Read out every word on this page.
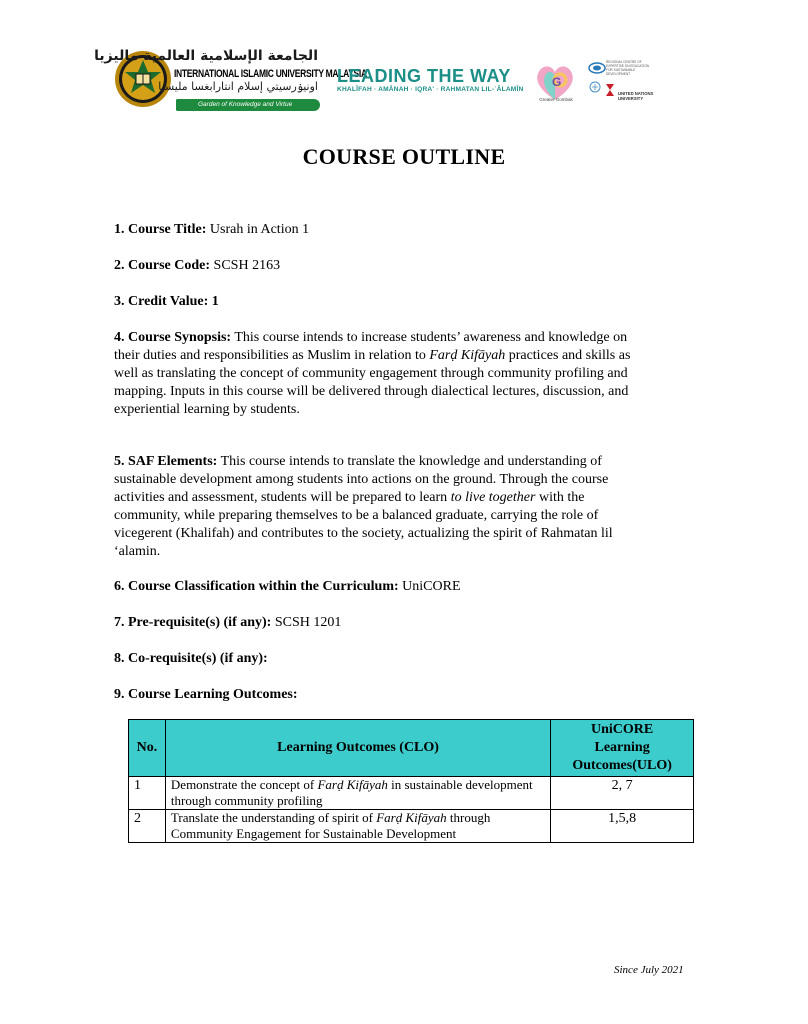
الجامعة الإسلامية العالمية ماليزيا
INTERNATIONAL ISLAMIC UNIVERSITY MALAYSIA
اونيۏرسيتي إسلام انتارابغسا مليسيا
Garden of Knowledge and Virtue
LEADING THE WAY
KHALĪFAH · AMĀNAH · IQRA' · RAHMATAN LIL-ʿĀLAMĪN
G
Greater Gombak
REGIONAL CENTRE OF EXPERTISE ON EDUCATION FOR SUSTAINABLE DEVELOPMENT
UNITED NATIONS UNIVERSITY
COURSE OUTLINE
1. Course Title: Usrah in Action 1
2. Course Code: SCSH 2163
3. Credit Value: 1
4. Course Synopsis: This course intends to increase students’ awareness and knowledge on their duties and responsibilities as Muslim in relation to Farḍ Kifāyah practices and skills as well as translating the concept of community engagement through community profiling and mapping. Inputs in this course will be delivered through dialectical lectures, discussion, and experiential learning by students.
5. SAF Elements: This course intends to translate the knowledge and understanding of sustainable development among students into actions on the ground. Through the course activities and assessment, students will be prepared to learn to live together with the community, while preparing themselves to be a balanced graduate, carrying the role of vicegerent (Khalifah) and contributes to the society, actualizing the spirit of Rahmatan lil ‘alamin.
6. Course Classification within the Curriculum: UniCORE
7. Pre-requisite(s) (if any): SCSH 1201
8. Co-requisite(s) (if any):
9. Course Learning Outcomes:
No.	Learning Outcomes (CLO)	UniCORE
Learning
Outcomes(ULO)

1	Demonstrate the concept of Farḍ Kifāyah in sustainable development through community profiling	2, 7
2	Translate the understanding of spirit of Farḍ Kifāyah through Community Engagement for Sustainable Development	1,5,8
Since July 2021
